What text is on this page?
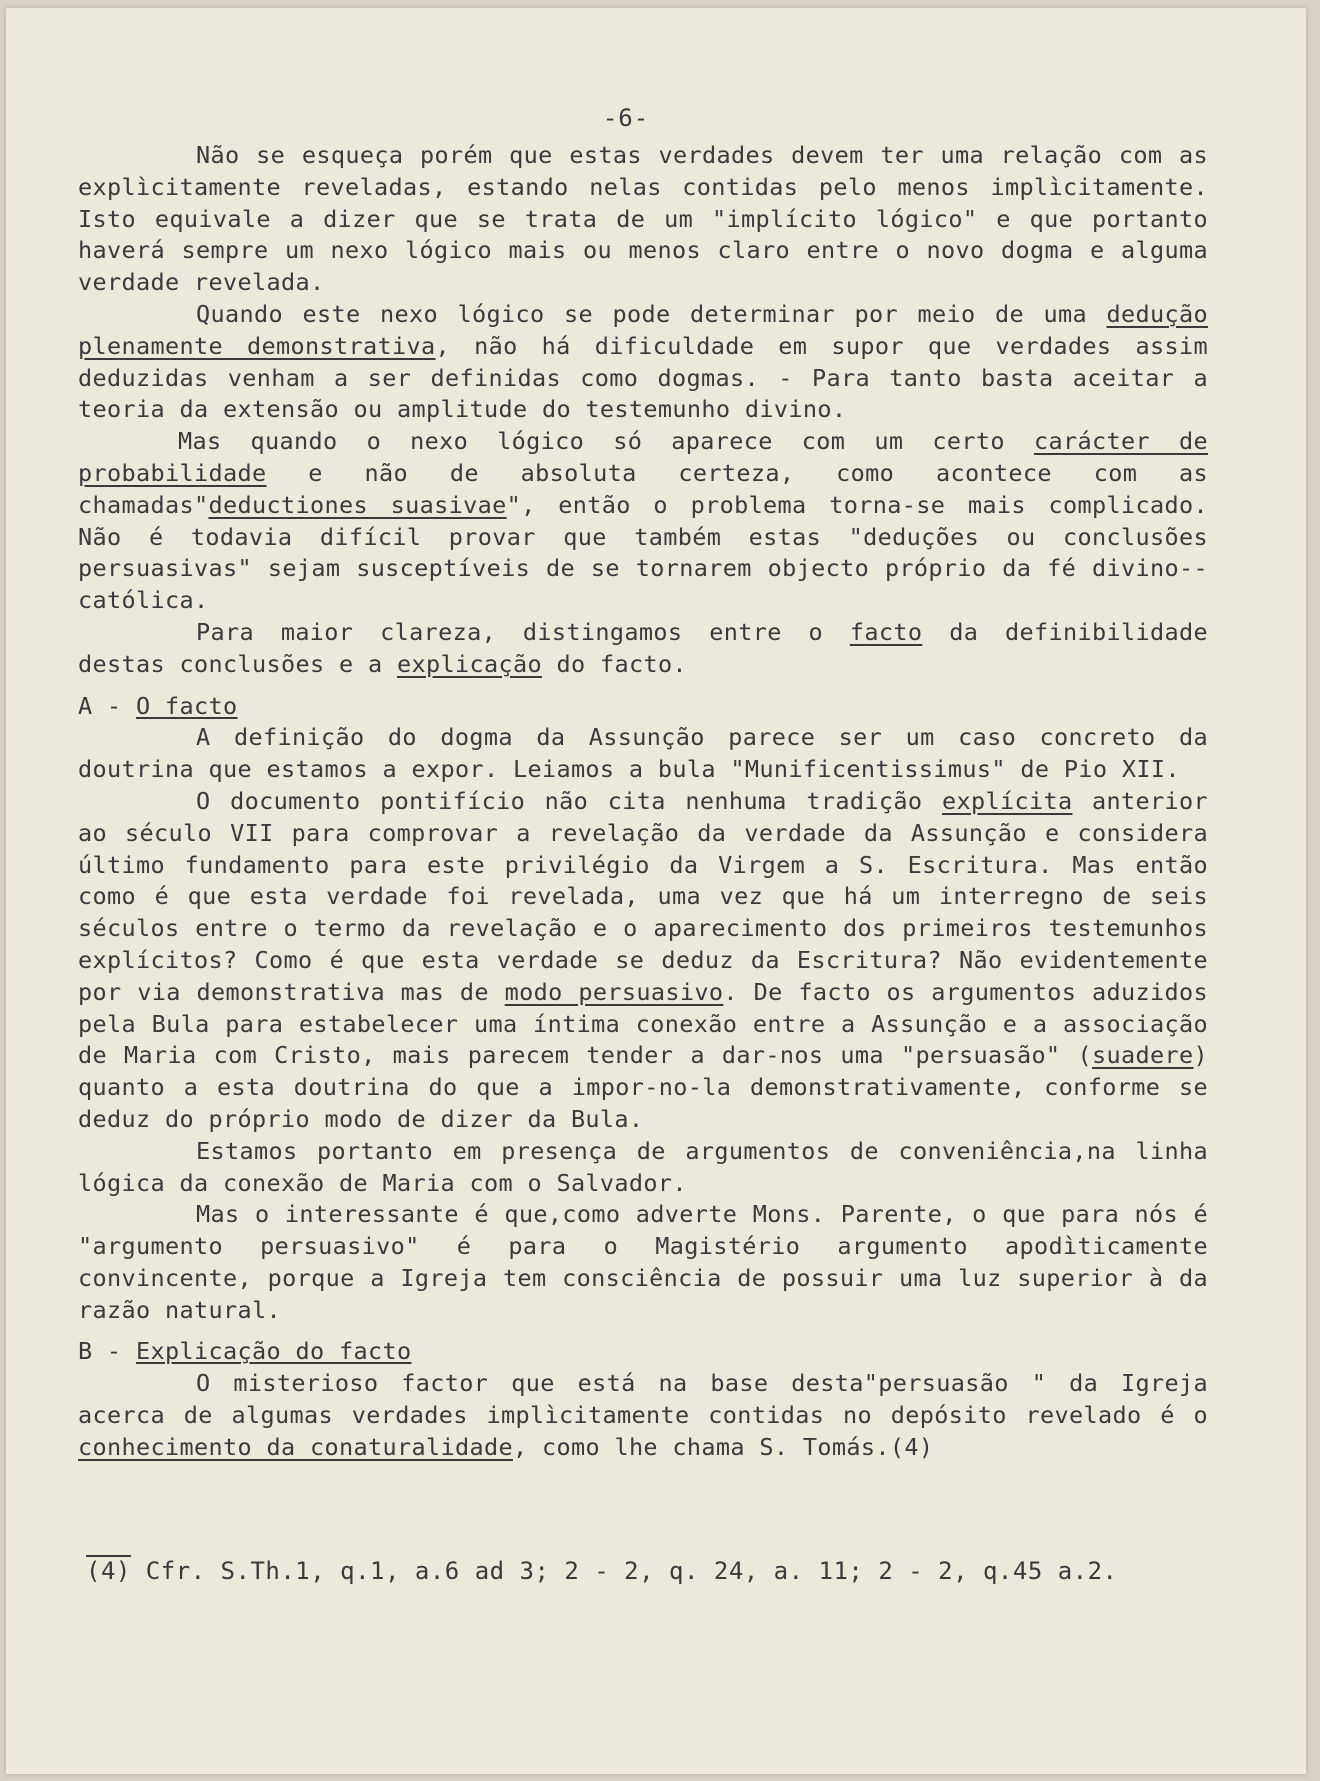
-6-

Não se esqueça porém que estas verdades devem ter uma relação com as explìcitamente reveladas, estando nelas contidas pelo menos implìcitamente. Isto equivale a dizer que se trata de um "implícito lógico" e que portanto haverá sempre um nexo lógico mais ou menos claro entre o novo dogma e alguma verdade revelada.

Quando este nexo lógico se pode determinar por meio de uma dedução plenamente demonstrativa, não há dificuldade em supor que verdades assim deduzidas venham a ser definidas como dogmas. - Para tanto basta aceitar a teoria da extensão ou amplitude do testemunho divino.

Mas quando o nexo lógico só aparece com um certo carácter de probabilidade e não de absoluta certeza, como acontece com as chamadas"deductiones suasivae", então o problema torna-se mais complicado. Não é todavia difícil provar que também estas "deduções ou conclusões persuasivas" sejam susceptíveis de se tornarem objecto próprio da fé divino--católica.

Para maior clareza, distingamos entre o facto da definibilidade destas conclusões e a explicação do facto.

A - O facto

A definição do dogma da Assunção parece ser um caso concreto da doutrina que estamos a expor. Leiamos a bula "Munificentissimus" de Pio XII.

O documento pontifício não cita nenhuma tradição explícita anterior ao século VII para comprovar a revelação da verdade da Assunção e considera último fundamento para este privilégio da Virgem a S. Escritura. Mas então como é que esta verdade foi revelada, uma vez que há um interregno de seis séculos entre o termo da revelação e o aparecimento dos primeiros testemunhos explícitos? Como é que esta verdade se deduz da Escritura? Não evidentemente por via demonstrativa mas de modo persuasivo. De facto os argumentos aduzidos pela Bula para estabelecer uma íntima conexão entre a Assunção e a associação de Maria com Cristo, mais parecem tender a dar-nos uma "persuasão" (suadere) quanto a esta doutrina do que a impor-no-la demonstrativamente, conforme se deduz do próprio modo de dizer da Bula.

Estamos portanto em presença de argumentos de conveniência,na linha lógica da conexão de Maria com o Salvador.

Mas o interessante é que,como adverte Mons. Parente, o que para nós é "argumento persuasivo" é para o Magistério argumento apodìticamente convincente, porque a Igreja tem consciência de possuir uma luz superior à da razão natural.

B - Explicação do facto

O misterioso factor que está na base desta"persuasão " da Igreja acerca de algumas verdades implìcitamente contidas no depósito revelado é o conhecimento da conaturalidade, como lhe chama S. Tomás.(4)

(4) Cfr. S.Th.1, q.1, a.6 ad 3; 2 - 2, q. 24, a. 11; 2 - 2, q.45 a.2.
